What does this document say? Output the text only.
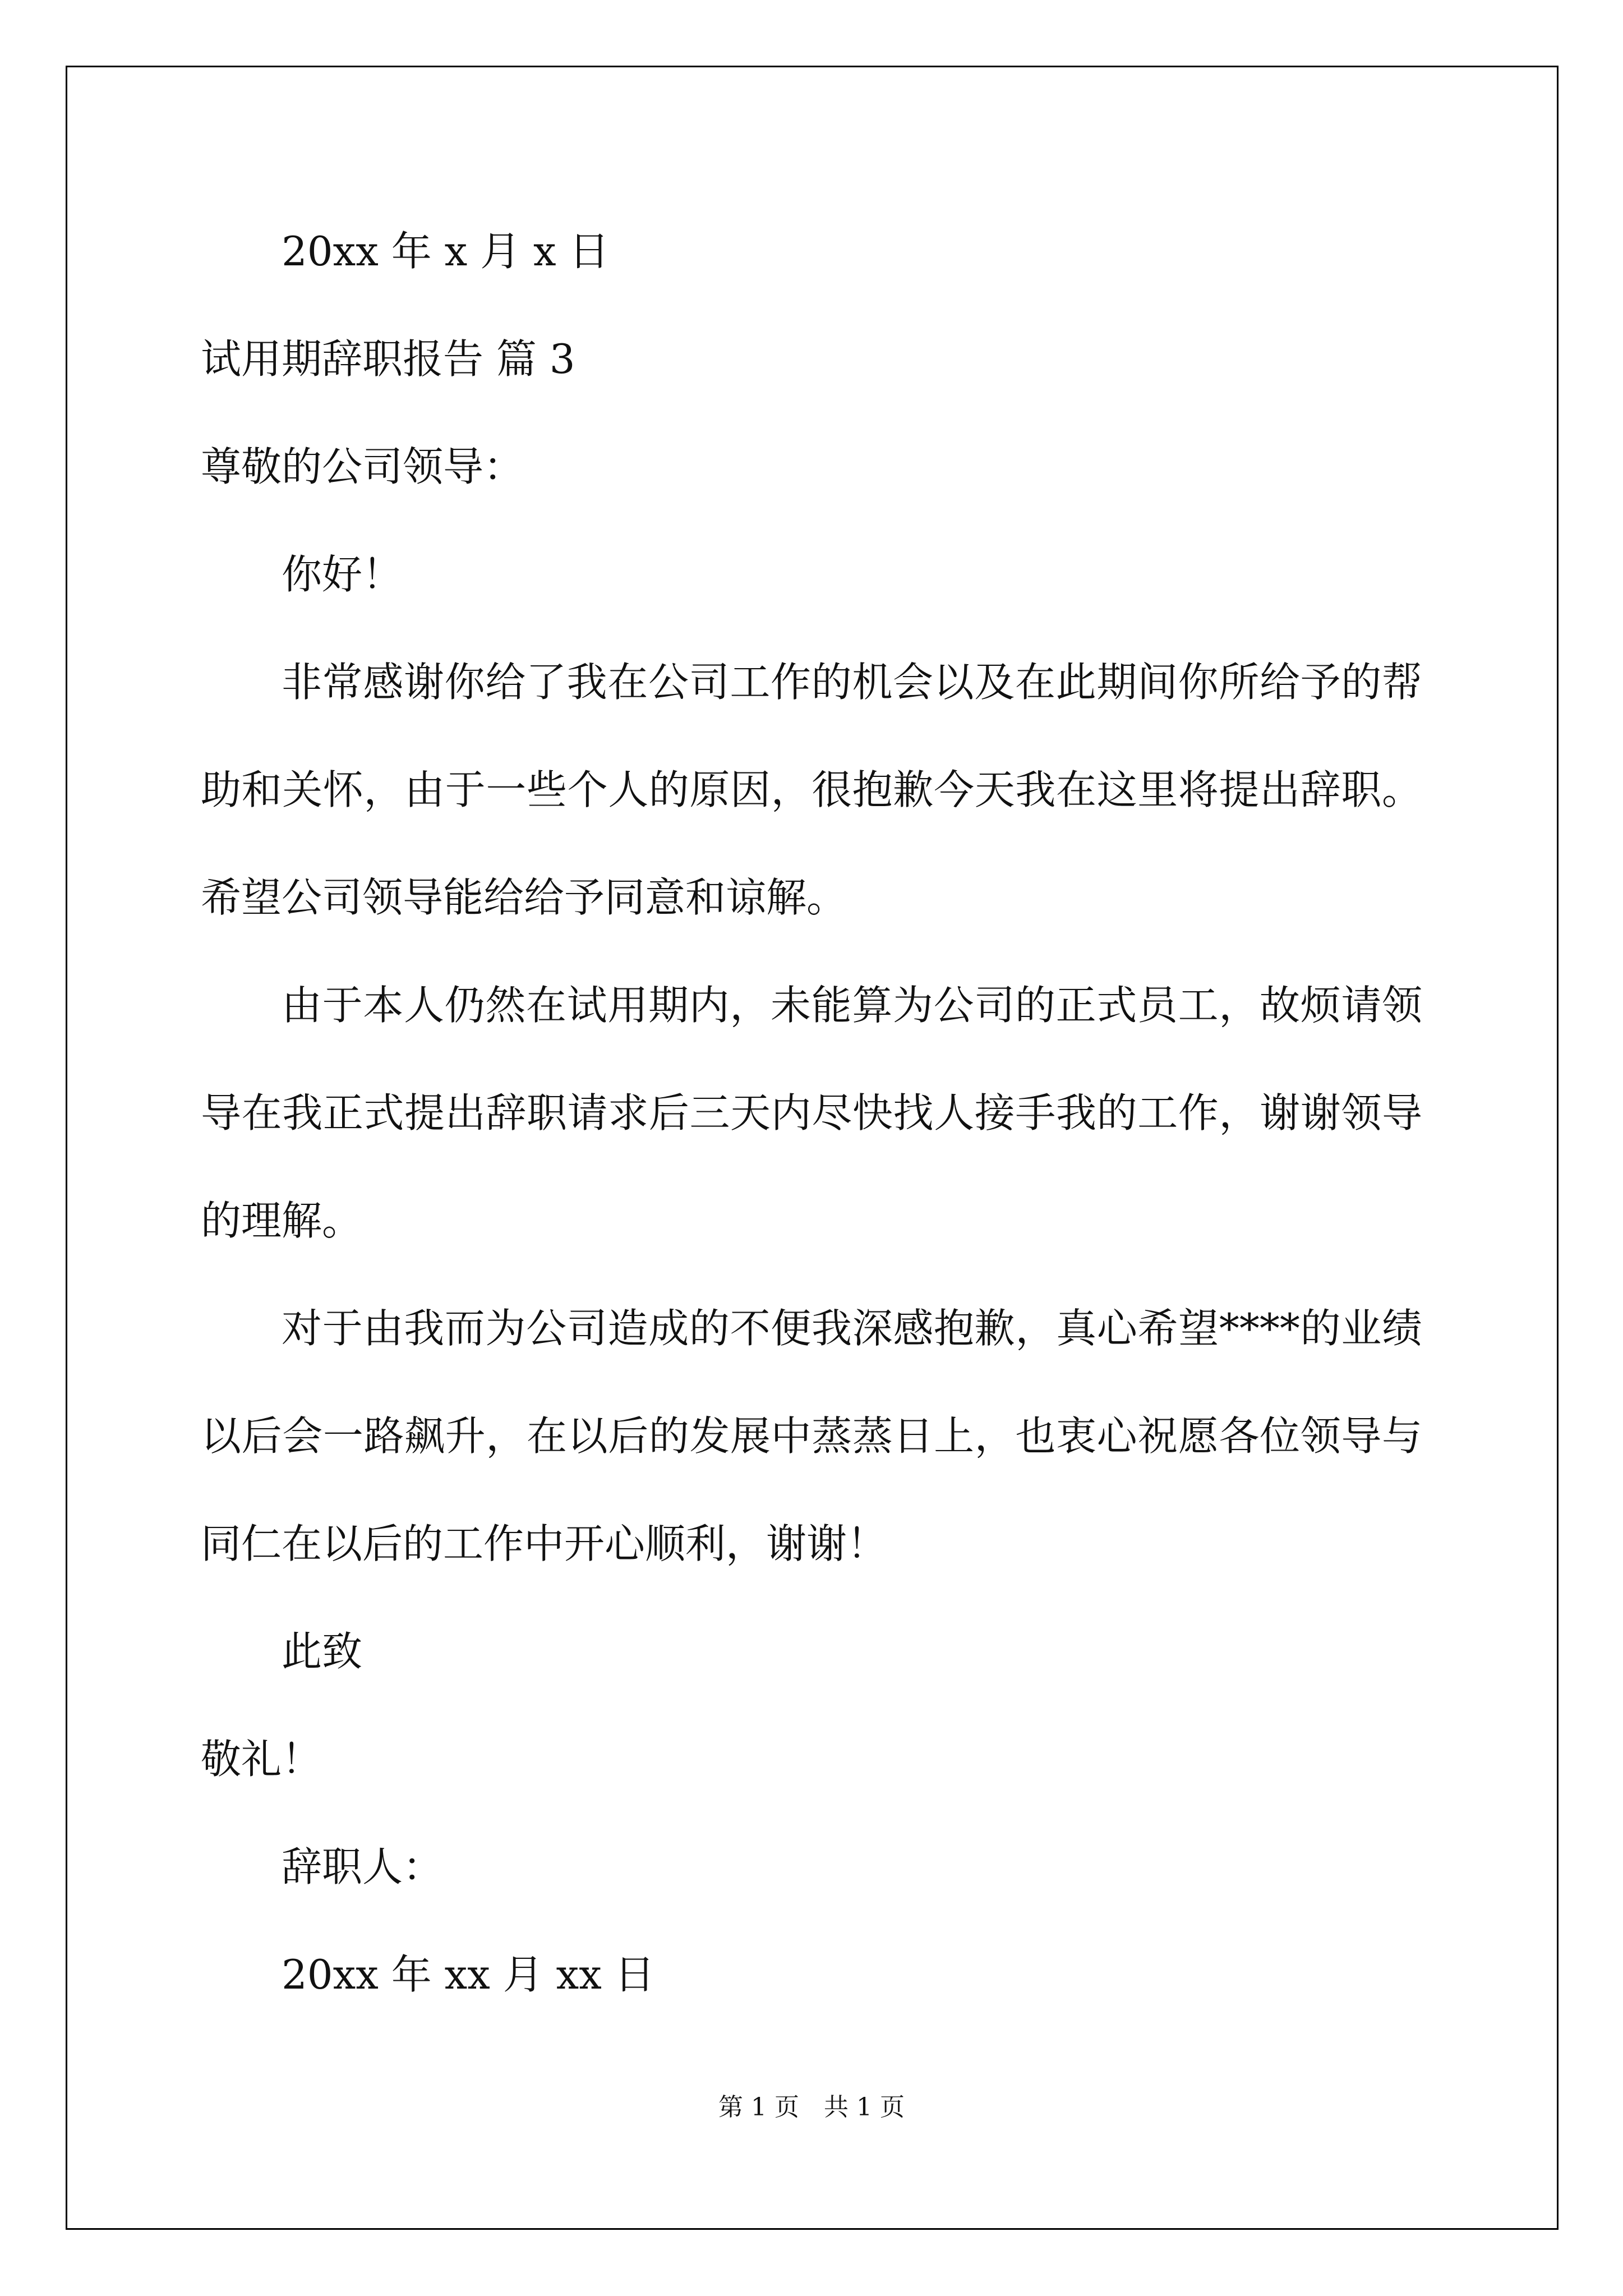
20xx 年 x 月 x 日
试用期辞职报告 篇 3
尊敬的公司领导：
你好！
非常感谢你给了我在公司工作的机会以及在此期间你所给予的帮
助和关怀，由于一些个人的原因，很抱歉今天我在这里将提出辞职。
希望公司领导能给给予同意和谅解。
由于本人仍然在试用期内，未能算为公司的正式员工，故烦请领
导在我正式提出辞职请求后三天内尽快找人接手我的工作，谢谢领导
的理解。
对于由我而为公司造成的不便我深感抱歉，真心希望****的业绩
以后会一路飙升，在以后的发展中蒸蒸日上，也衷心祝愿各位领导与
同仁在以后的工作中开心顺利，谢谢！
此致
敬礼！
辞职人：
20xx 年 xx 月 xx 日
第 1 页　共 1 页
